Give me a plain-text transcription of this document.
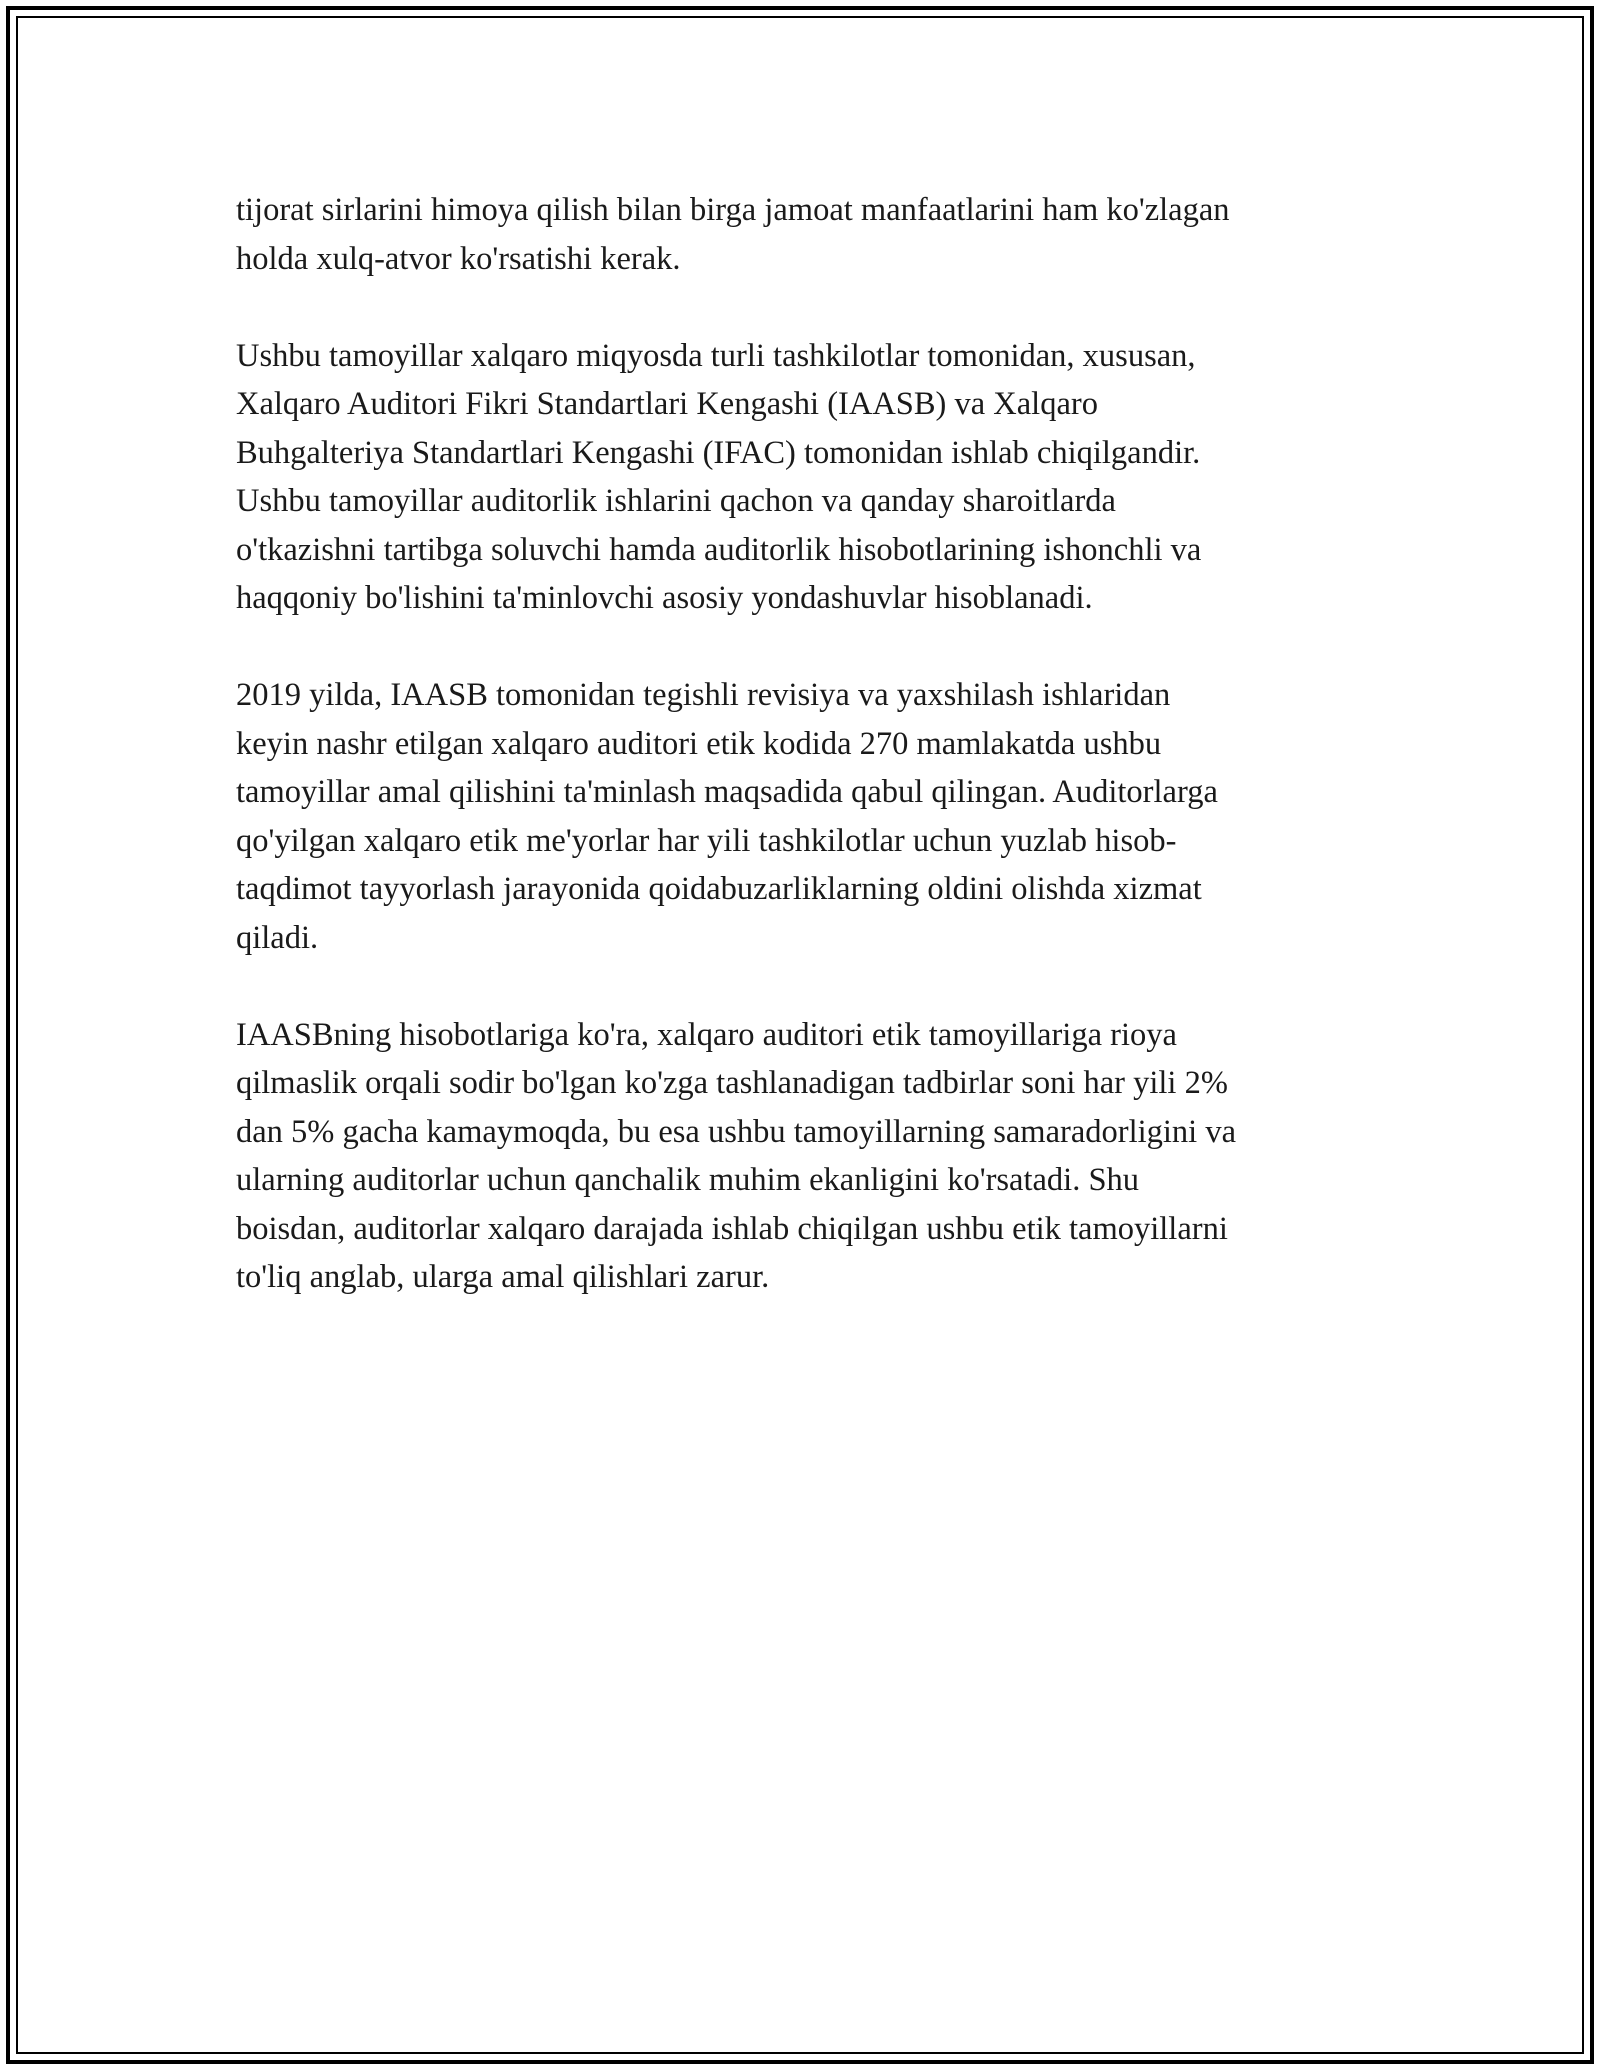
tijorat sirlarini himoya qilish bilan birga jamoat manfaatlarini ham ko'zlagan
holda xulq-atvor ko'rsatishi kerak.

Ushbu tamoyillar xalqaro miqyosda turli tashkilotlar tomonidan, xususan,
Xalqaro Auditori Fikri Standartlari Kengashi (IAASB) va Xalqaro
Buhgalteriya Standartlari Kengashi (IFAC) tomonidan ishlab chiqilgandir.
Ushbu tamoyillar auditorlik ishlarini qachon va qanday sharoitlarda
o'tkazishni tartibga soluvchi hamda auditorlik hisobotlarining ishonchli va
haqqoniy bo'lishini ta'minlovchi asosiy yondashuvlar hisoblanadi.

2019 yilda, IAASB tomonidan tegishli revisiya va yaxshilash ishlaridan
keyin nashr etilgan xalqaro auditori etik kodida 270 mamlakatda ushbu
tamoyillar amal qilishini ta'minlash maqsadida qabul qilingan. Auditorlarga
qo'yilgan xalqaro etik me'yorlar har yili tashkilotlar uchun yuzlab hisob-
taqdimot tayyorlash jarayonida qoidabuzarliklarning oldini olishda xizmat
qiladi.

IAASBning hisobotlariga ko'ra, xalqaro auditori etik tamoyillariga rioya
qilmaslik orqali sodir bo'lgan ko'zga tashlanadigan tadbirlar soni har yili 2%
dan 5% gacha kamaymoqda, bu esa ushbu tamoyillarning samaradorligini va
ularning auditorlar uchun qanchalik muhim ekanligini ko'rsatadi. Shu
boisdan, auditorlar xalqaro darajada ishlab chiqilgan ushbu etik tamoyillarni
to'liq anglab, ularga amal qilishlari zarur.
